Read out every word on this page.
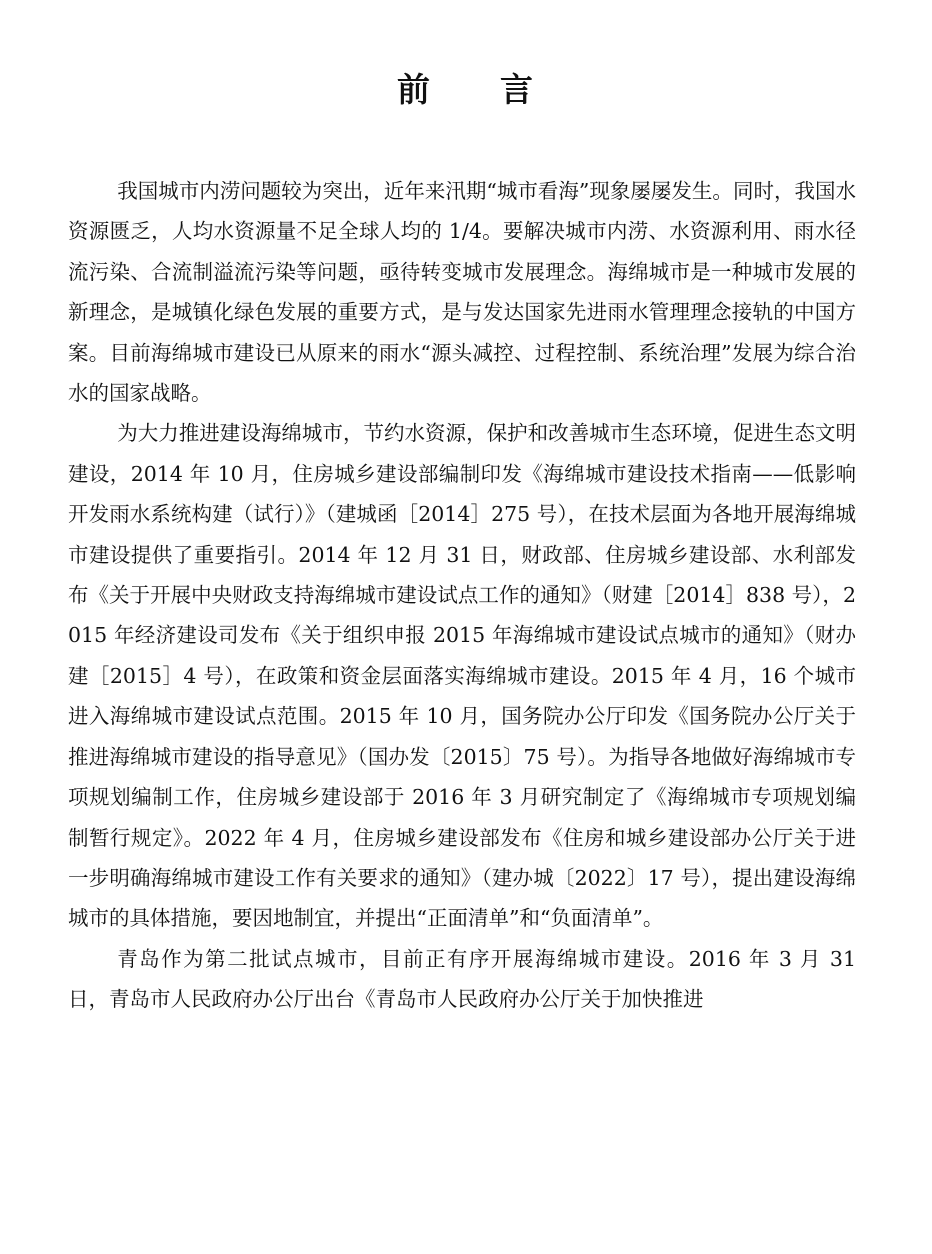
前 言

我国城市内涝问题较为突出，近年来汛期“城市看海”现象屡屡发生。同时，我国水资源匮乏，人均水资源量不足全球人均的 1/4。要解决城市内涝、水资源利用、雨水径流污染、合流制溢流污染等问题，亟待转变城市发展理念。海绵城市是一种城市发展的新理念，是城镇化绿色发展的重要方式，是与发达国家先进雨水管理理念接轨的中国方案。目前海绵城市建设已从原来的雨水“源头减控、过程控制、系统治理”发展为综合治水的国家战略。

为大力推进建设海绵城市，节约水资源，保护和改善城市生态环境，促进生态文明建设，2014 年 10 月，住房城乡建设部编制印发《海绵城市建设技术指南——低影响开发雨水系统构建（试行）》（建城函［2014］275 号），在技术层面为各地开展海绵城市建设提供了重要指引。2014 年 12 月 31 日，财政部、住房城乡建设部、水利部发布《关于开展中央财政支持海绵城市建设试点工作的通知》（财建［2014］838 号），2015 年经济建设司发布《关于组织申报 2015 年海绵城市建设试点城市的通知》（财办建［2015］4 号），在政策和资金层面落实海绵城市建设。2015 年 4 月，16 个城市进入海绵城市建设试点范围。2015 年 10 月，国务院办公厅印发《国务院办公厅关于推进海绵城市建设的指导意见》（国办发〔2015〕75 号）。为指导各地做好海绵城市专项规划编制工作，住房城乡建设部于 2016 年 3 月研究制定了《海绵城市专项规划编制暂行规定》。2022 年 4 月，住房城乡建设部发布《住房和城乡建设部办公厅关于进一步明确海绵城市建设工作有关要求的通知》（建办城〔2022〕17 号），提出建设海绵城市的具体措施，要因地制宜，并提出“正面清单”和“负面清单”。

青岛作为第二批试点城市，目前正有序开展海绵城市建设。2016 年 3 月 31 日，青岛市人民政府办公厅出台《青岛市人民政府办公厅关于加快推进
